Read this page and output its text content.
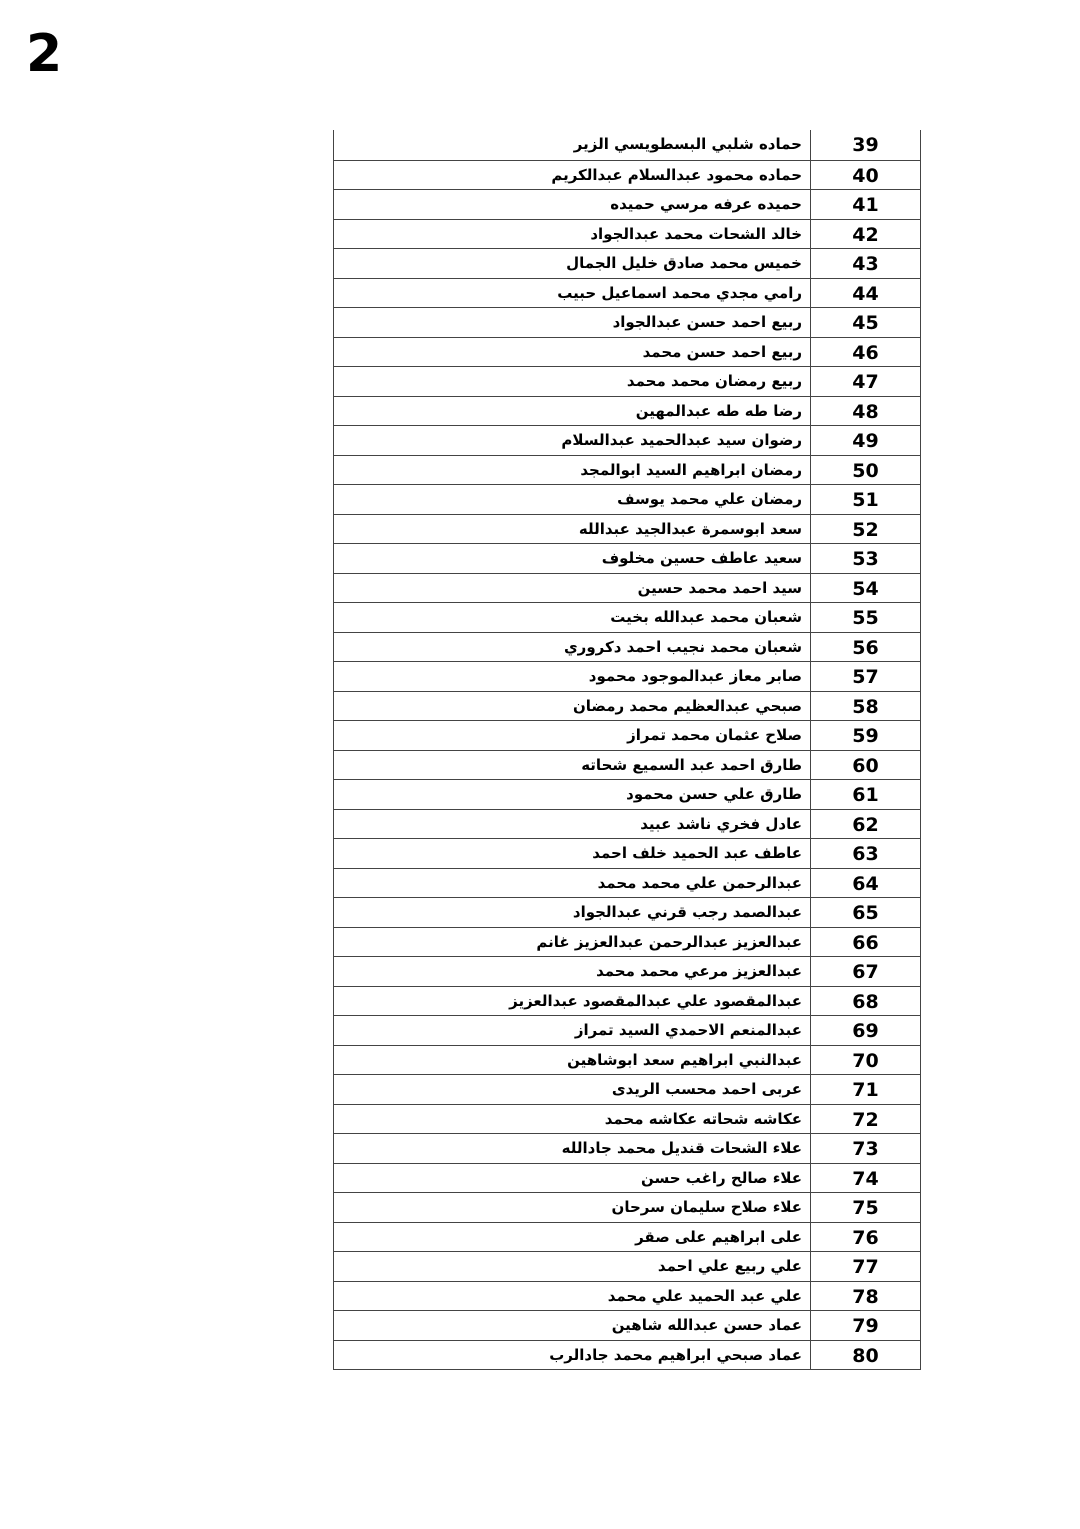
2
حماده شلبي البسطويسي الزير	39
حماده محمود عبدالسلام عبدالكريم	40
حميده عرفه مرسي حميده	41
خالد الشحات محمد عبدالجواد	42
خميس محمد صادق خليل الجمال	43
رامي مجدي محمد اسماعيل حبيب	44
ربيع احمد حسن عبدالجواد	45
ربيع احمد حسن محمد	46
ربيع رمضان محمد محمد	47
رضا طه طه عبدالمهين	48
رضوان سيد عبدالحميد عبدالسلام	49
رمضان ابراهيم السيد ابوالمجد	50
رمضان علي محمد يوسف	51
سعد ابوسمرة عبدالجيد عبدالله	52
سعيد عاطف حسين مخلوف	53
سيد احمد محمد حسين	54
شعبان محمد عبدالله بخيت	55
شعبان محمد نجيب احمد دكروري	56
صابر معاز عبدالموجود محمود	57
صبحي عبدالعظيم محمد رمضان	58
صلاح عثمان محمد تمراز	59
طارق احمد عبد السميع شحاته	60
طارق علي حسن محمود	61
عادل فخري ناشد عبيد	62
عاطف عبد الحميد خلف احمد	63
عبدالرحمن علي محمد محمد	64
عبدالصمد رجب قرني عبدالجواد	65
عبدالعزيز عبدالرحمن عبدالعزيز غانم	66
عبدالعزيز مرعي محمد محمد	67
عبدالمقصود علي عبدالمقصود عبدالعزيز	68
عبدالمنعم الاحمدي السيد تمراز	69
عبدالنبي ابراهيم سعد ابوشاهين	70
عربى احمد محسب الريدى	71
عكاشه شحاته عكاشه محمد	72
علاء الشحات قنديل محمد جادالله	73
علاء صالح راغب حسن	74
علاء صلاح سليمان سرحان	75
على ابراهيم على صقر	76
علي ربيع علي احمد	77
علي عبد الحميد علي محمد	78
عماد حسن عبدالله شاهين	79
عماد صبحي ابراهيم محمد جادالرب	80
